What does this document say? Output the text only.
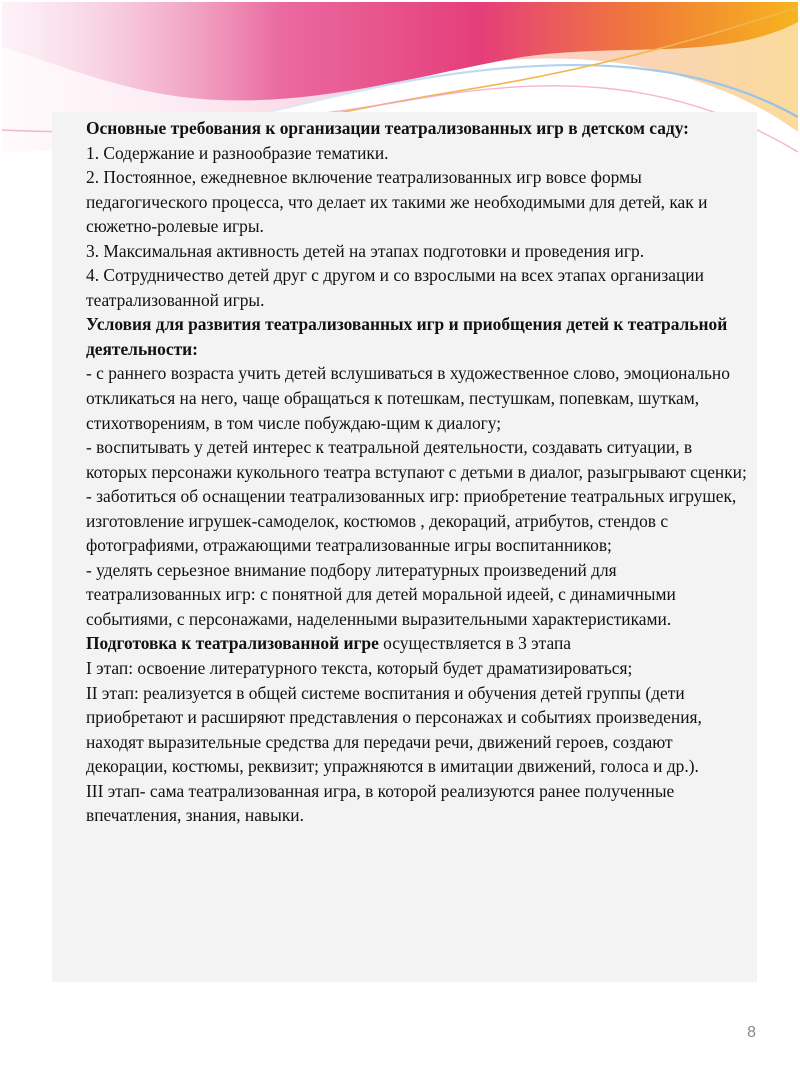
Основные требования к организации театрализованных игр в детском саду:

1. Содержание и разнообразие тематики.

2. Постоянное, ежедневное включение театрализованных игр вовсе формы педагогического процесса, что делает их такими же необходимыми для детей, как и сюжетно-ролевые игры.

3. Максимальная активность детей на этапах подготовки и проведения игр.

4. Сотрудничество детей друг с другом и со взрослыми на всех этапах организации театрализованной игры.

Условия для развития театрализованных игр и приобщения детей к театральной деятельности:

- с раннего возраста учить детей вслушиваться в художественное слово, эмоционально откликаться на него, чаще обращаться к потешкам, пестушкам, попевкам, шуткам, стихотворениям, в том числе побуждаю-щим к диалогу;

- воспитывать у детей интерес к театральной деятельности, создавать ситуации, в которых персонажи кукольного театра вступают с детьми в диалог, разыгрывают сценки;

- заботиться об оснащении театрализованных игр: приобретение театральных игрушек, изготовление игрушек-самоделок, костюмов , декораций, атрибутов, стендов с фотографиями, отражающими театрализованные игры воспитанников;

- уделять серьезное внимание подбору литературных произведений для театрализованных игр: с понятной для детей моральной идеей, с динамичными событиями, с персонажами, наделенными выразительными характеристиками.

Подготовка к театрализованной игре осуществляется в 3 этапа

I этап: освоение литературного текста, который будет драматизироваться;

II этап: реализуется в общей системе воспитания и обучения детей группы (дети приобретают и расширяют представления о персонажах и событиях произведения, находят выразительные средства для передачи речи, движений героев, создают декорации, костюмы, реквизит; упражняются в имитации движений, голоса и др.).

III этап- сама театрализованная игра, в которой реализуются ранее полученные впечатления, знания, навыки.

8
